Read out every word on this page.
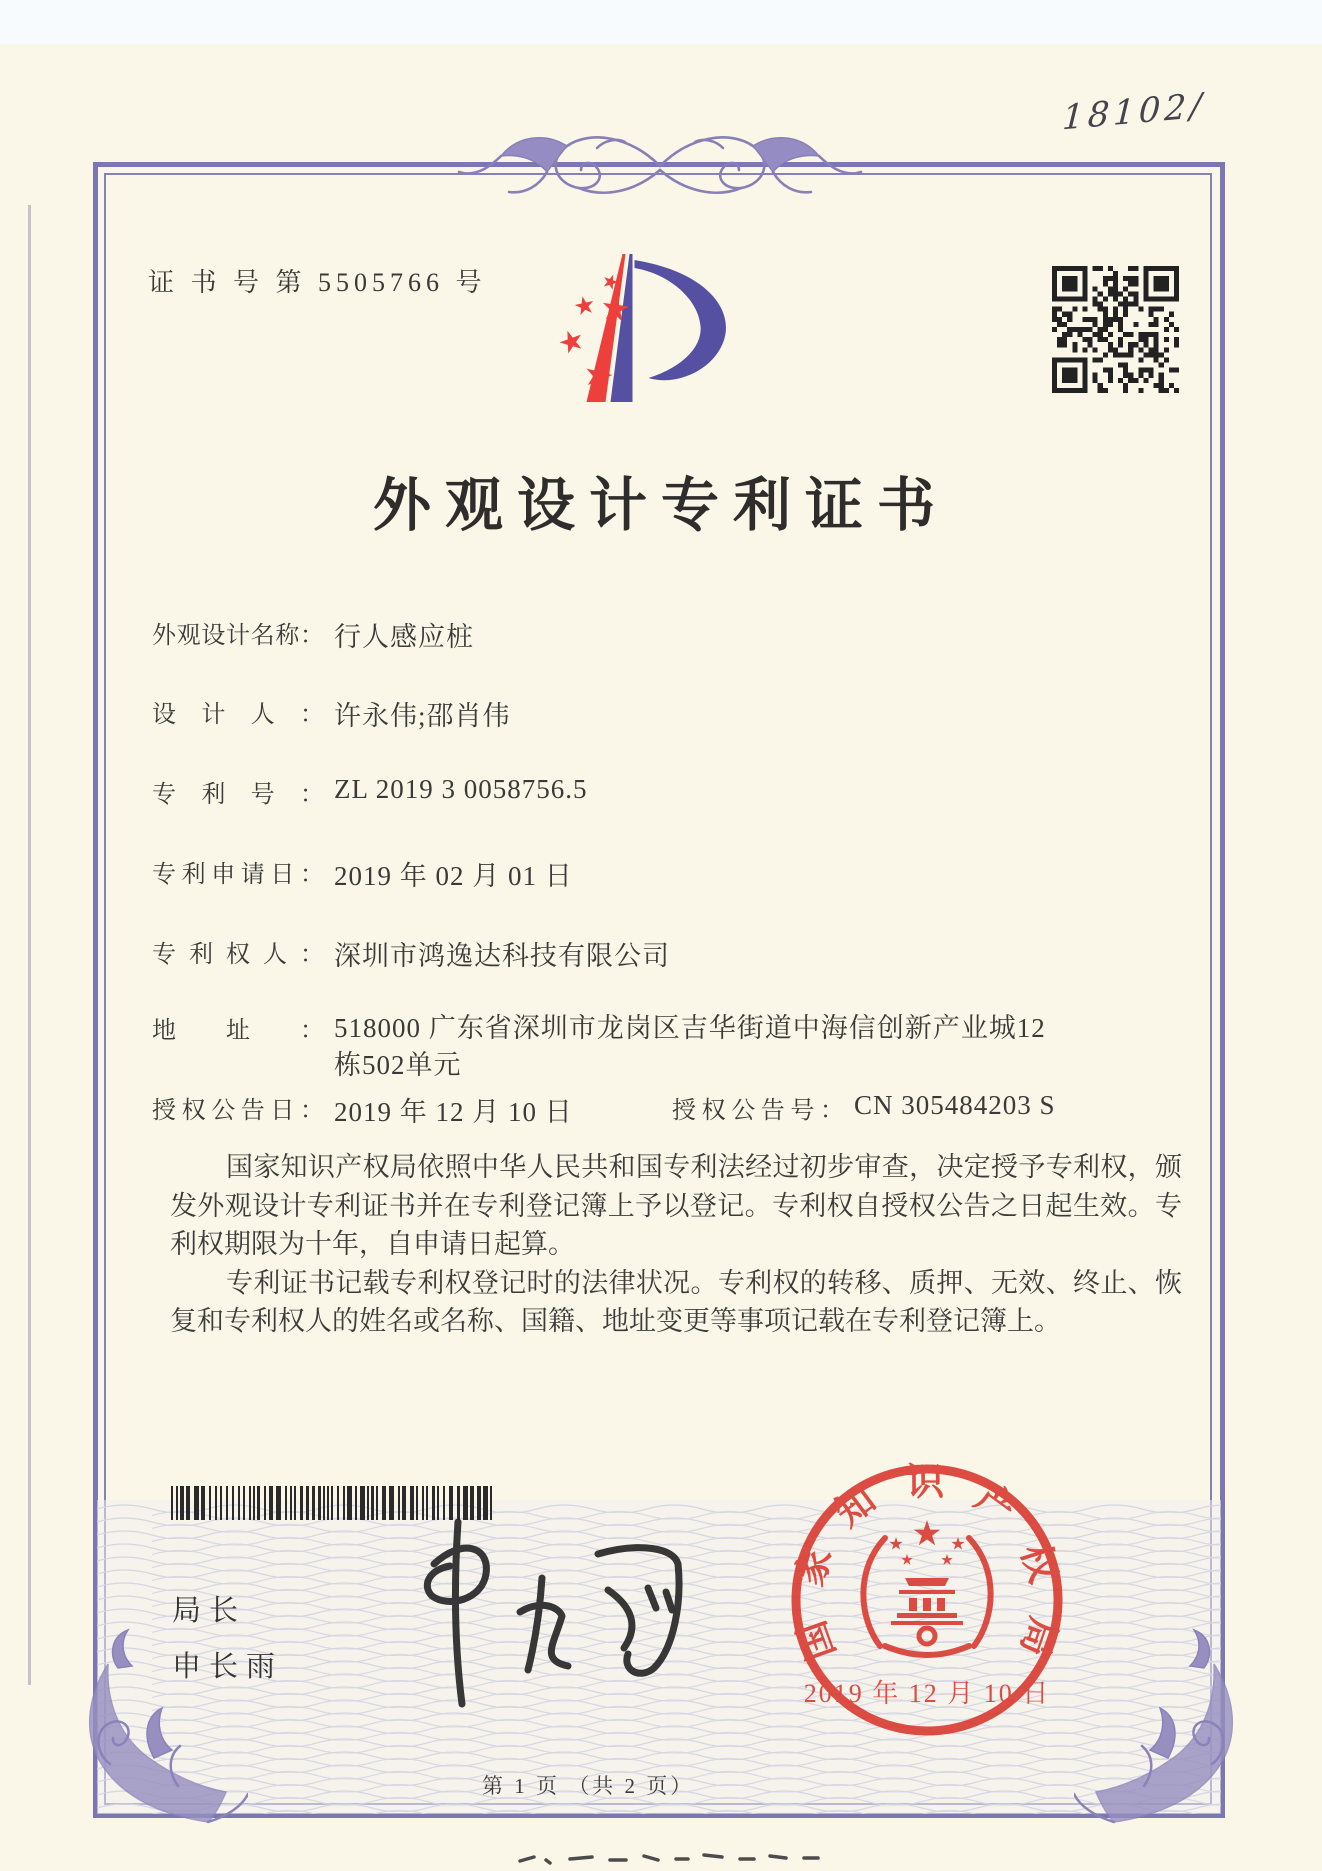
18102/
证 书 号 第 5505766 号
外观设计专利证书
外观设计名称： 行人感应桩
设计人： 许永伟;邵肖伟
专利号： ZL 2019 3 0058756.5
专利申请日： 2019 年 02 月 01 日
专利权人： 深圳市鸿逸达科技有限公司
地址： 518000 广东省深圳市龙岗区吉华街道中海信创新产业城12栋502单元
授权公告日： 2019 年 12 月 10 日	授权公告号： CN 305484203 S

国家知识产权局依照中华人民共和国专利法经过初步审查，决定授予专利权，颁发外观设计专利证书并在专利登记簿上予以登记。专利权自授权公告之日起生效。专利权期限为十年，自申请日起算。

专利证书记载专利权登记时的法律状况。专利权的转移、质押、无效、终止、恢复和专利权人的姓名或名称、国籍、地址变更等事项记载在专利登记簿上。

局长
申长雨
国家知识产权局
2019 年 12 月 10 日
第 1 页 （共 2 页）
